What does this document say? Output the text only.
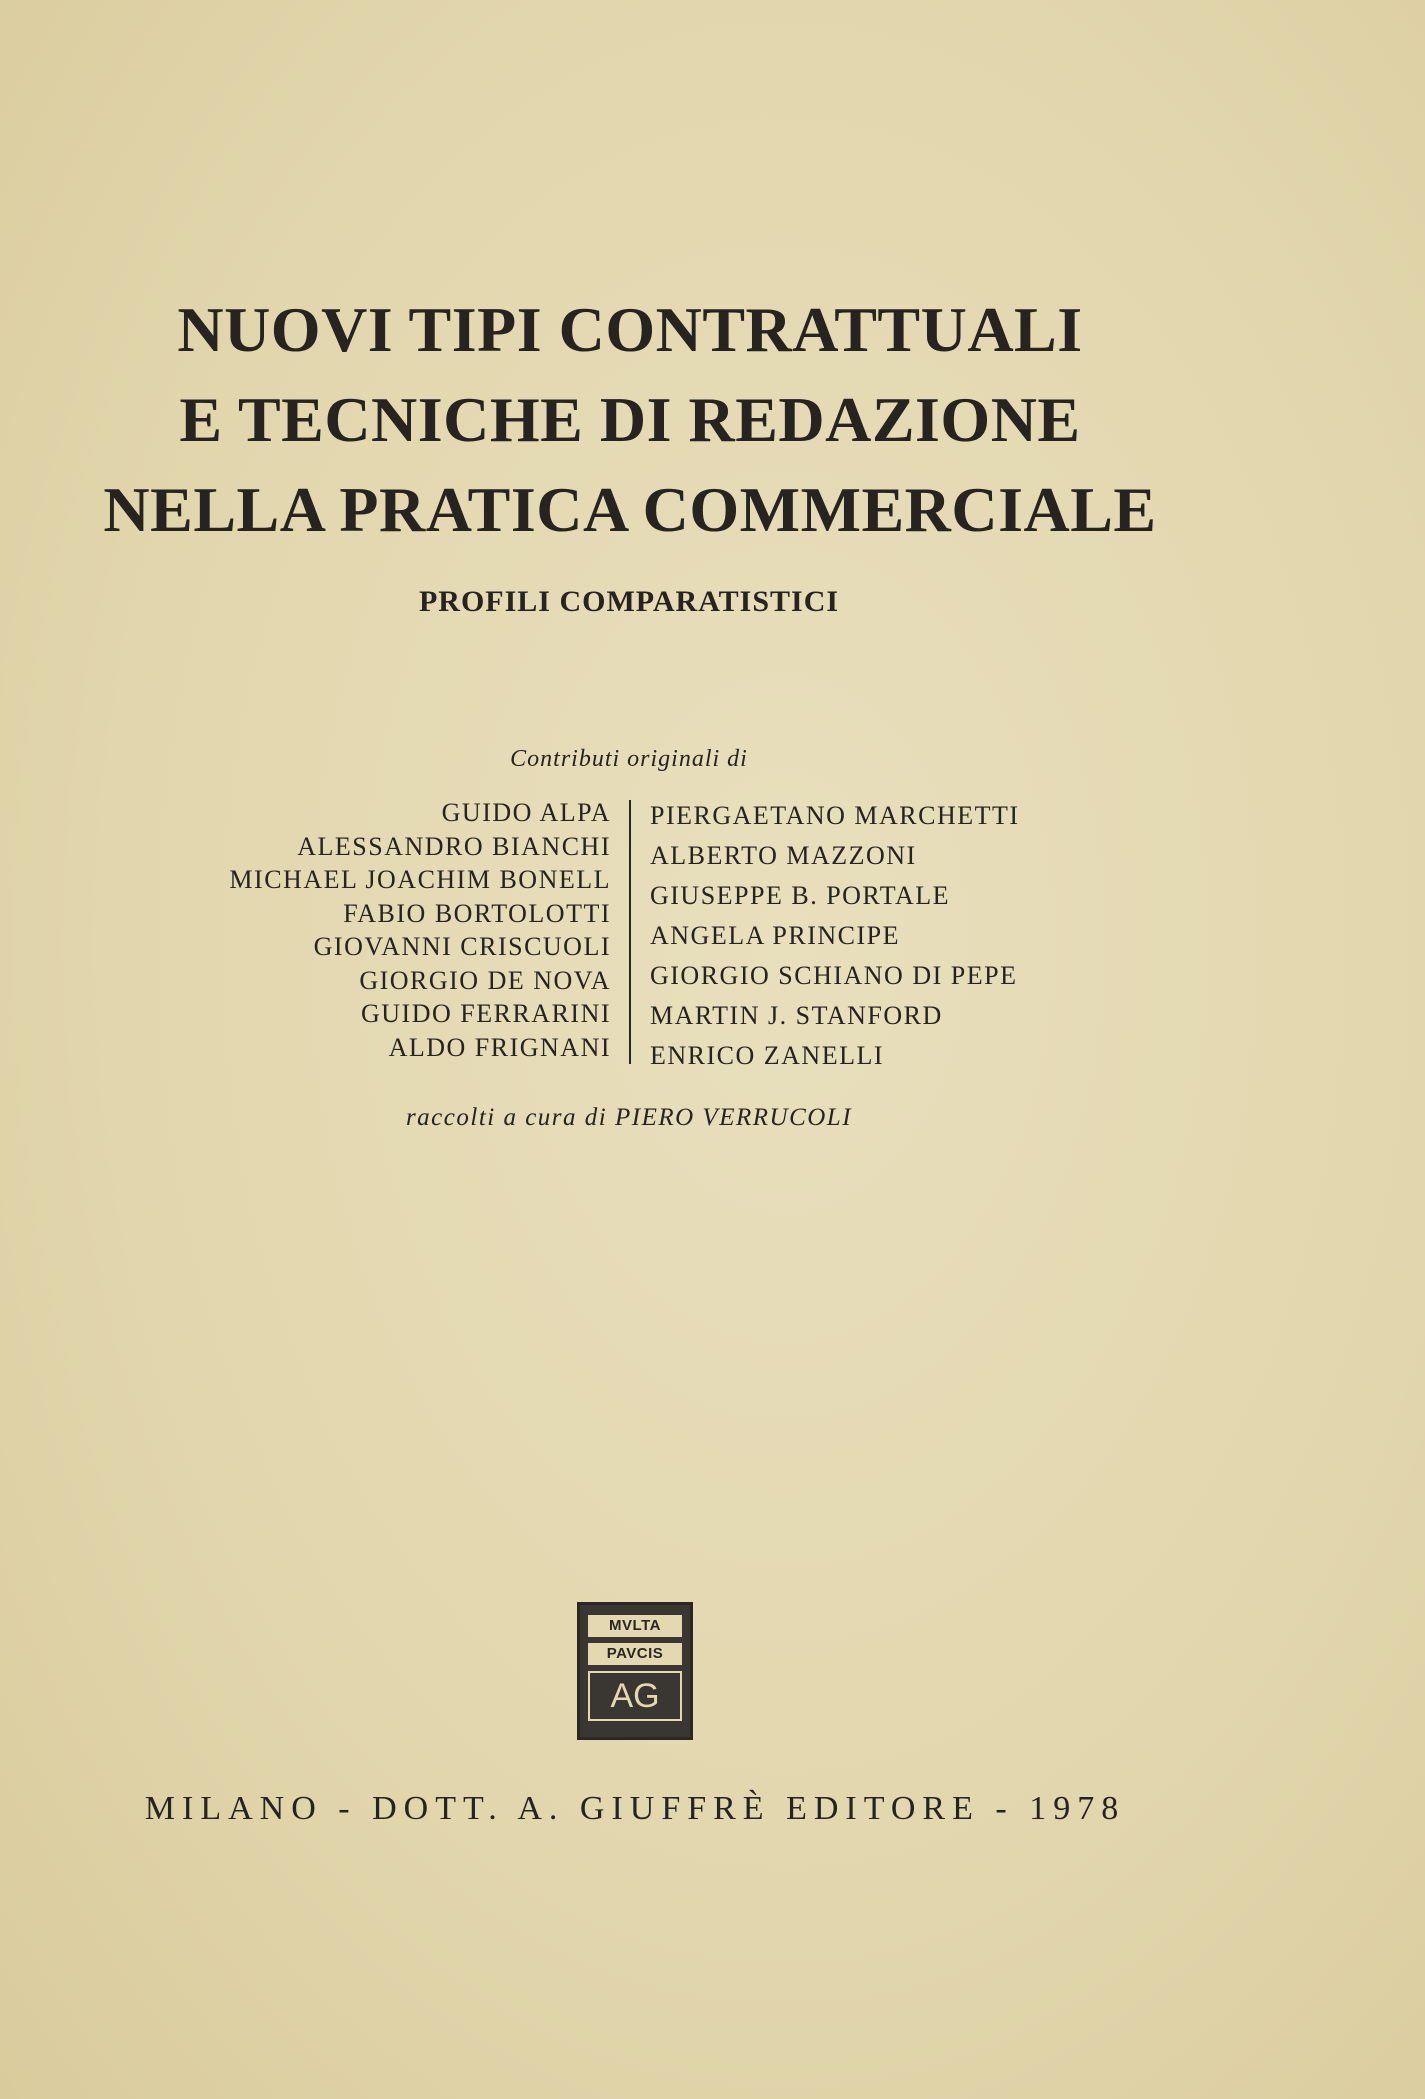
NUOVI TIPI CONTRATTUALI
E TECNICHE DI REDAZIONE
NELLA PRATICA COMMERCIALE
PROFILI COMPARATISTICI
Contributi originali di
GUIDO ALPA
ALESSANDRO BIANCHI
MICHAEL JOACHIM BONELL
FABIO BORTOLOTTI
GIOVANNI CRISCUOLI
GIORGIO DE NOVA
GUIDO FERRARINI
ALDO FRIGNANI
PIERGAETANO MARCHETTI
ALBERTO MAZZONI
GIUSEPPE B. PORTALE
ANGELA PRINCIPE
GIORGIO SCHIANO DI PEPE
MARTIN J. STANFORD
ENRICO ZANELLI
raccolti a cura di PIERO VERRUCOLI
MVLTA
PAVCIS
AG
MILANO - DOTT. A. GIUFFRÈ EDITORE - 1978
